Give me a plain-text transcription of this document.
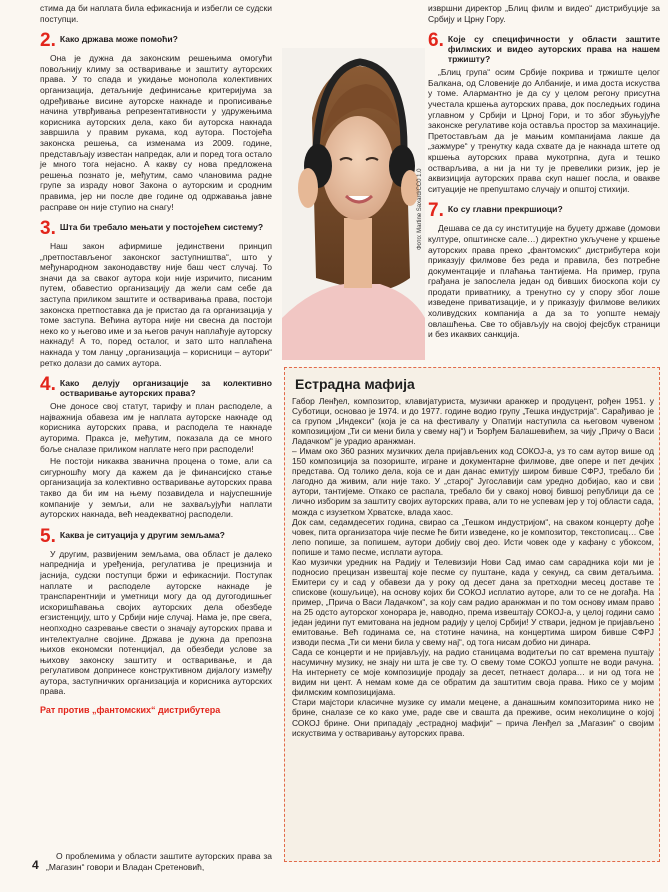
стима да би наплата била ефикаснија и избегли се судски поступци.

2. Како држава може помоћи?

Она је дужна да законским решењима омогући повољнију климу за остваривање и заштиту ауторских права. У то спада и укидање монопола колективних организација, детаљније дефинисање критеријума за одређивање висине ауторске накнаде и прописивање начина утврђивања репрезентативности у удружењима корисника ауторских дела, како би ауторска накнада завршила у правим рукама, код аутора. Постојећа законска решења, са изменама из 2009. године, представљају известан напредак, али и поред тога остало је много тога нејасно. А какву су нова предложена решења познато је, међутим, само члановима радне групе за израду новог Закона о ауторским и сродним правима, јер ни после две године од одржавања јавне расправе он није ступио на снагу!

3. Шта би требало мењати у постојећем систему?

Наш закон афирмише јединствени принцип „претпостављеног законског заступништва“, што у међународном законодавству није баш чест случај. То значи да за сваког аутора који није изричито, писаним путем, обавестио организацију да жели сам себе да заступа приликом заштите и остваривања права, постоји законска претпоставка да је пристао да га организација у томе заступа. Већина аутора није ни свесна да постоји неко ко у његово име и за његов рачун наплаћује ауторску накнаду! А то, поред осталог, и зато што наплаћена накнада у том ланцу „организација – корисници – аутори“ ретко долази до самих аутора.

4. Како делују организације за колективно остваривање ауторских права?

Оне доносе свој статут, тарифу и план расподеле, а најважнија обавеза им је наплата ауторске накнаде од корисника ауторских права, и расподела те накнаде ауторима. Пракса је, међутим, показала да се много боље сналазе приликом наплате него при расподели!

Не постоји никаква званична процена о томе, али са сигурношћу могу да кажем да је финансијско стање организација за колективно остваривање ауторских права такво да би им на њему позавидела и најуспешније компаније у земљи, али не захваљујући наплати ауторских накнада, већ неадекватној расподели.

5. Каква је ситуација у другим земљама?

У другим, развијеним земљама, ова област је далеко напреднија и уређенија, регулатива је прецизнија и јаснија, судски поступци бржи и ефикаснији. Поступак наплате и расподеле ауторске накнаде је транспарентнији и уметници могу да од дугогодишњег искоришћавања својих ауторских дела обезбеде егзистенцију, што у Србији није случај. Нама је, пре свега, неопходно сазревање свести о значају ауторских права и интелектуалне својине. Држава је дужна да препозна њихов економски потенцијал, да обезбеди услове за њихову законску заштиту и остваривање, и да регулативом допринесе конструктивном дијалогу између аутора, заступничких организација и корисника ауторских права.

Рат против „фантомских“ дистрибутера
4
О проблемима у области заштите ауторских права за „Магазин“ говори и Владан Сретеновић,
Фото: Martine Saxard/CC0 1.0

извршни директор „Блиц филм и видео“ дистрибуције за Србију и Црну Гору.

6. Које су специфичности у области заштите филмских и видео ауторских права на нашем тржишту?

„Блиц група“ осим Србије покрива и тржиште целог Балкана, од Словеније до Албаније, и има доста искуства у томе. Алармантно је да су у целом регону присутна учестала кршења ауторских права, док последњих година углавном у Србији и Црној Гори, и то због збуњујуће законске регулативе која оставља простор за махинације. Претостављам да је мањим компанијама лакше да „зажмуре“ у тренутку када схвате да је накнада штете од кршења ауторских права мукотрпна, дуга и тешко остварљива, а ни ја ни ту је превелики ризик, јер је аквизиција ауторских права скуп нашег посла, и овакве ситуације не препуштамо случају и општој стихији.

7. Ко су главни прекршиоци?

Дешава се да су институције на буџету државе (домови културе, општинске сале…) директно укључене у кршење ауторских права преко „фантомских“ дистрибутера који приказују филмове без реда и правила, без потребне документације и плаћања тантијема. На пример, група грађана је запослела један од бивших биоскопа који су продати приватнику, а тренутно су у спору због лоше изведене приватизације, и у приказују филмове великих холивудских компанија а да за то уопште немају овлашћења. Све то објављују на својој фејсбук страници и без икаквих санкција.

Естрадна мафија

Габор Ленђел, композитор, клавијатуриста, музички аранжер и продуцент, рођен 1951. у Суботици, основао је 1974. и до 1977. године водио групу „Тешка индустрија“. Сарађивао је са групом „Индекси“ (која је са на фестивалу у Опатији наступила са његовом чувеном композицијом „Ти си мени била у свему нај“) и Ђорђем Балашевићем, за чију „Причу о Васи Ладачком“ је урадио аранжман.

– Имам око 360 разних музичких дела пријављених код СОКОЈ-а, уз то сам аутор више од 150 композиција за позориште, игране и документарне филмове, две опере и пет дечјих представа. Од толико дела, која се и дан данас емитују широм бивше СФРЈ, требало би лагодно да живим, али није тако. У „старој“ Југославији сам уредно добијао, као и сви аутори, тантијеме. Откако се распала, требало би у свакој новој бившој републици да се лично изборим за заштиту својих ауторских права, али то не успевам јер у тој области сада, можда с изузетком Хрватске, влада хаос.

Док сам, седамдесетих година, свирао са „Тешком индустријом“, на сваком концерту дође човек, пита организатора чије песме ће бити изведене, ко је композитор, текстописац… Све лепо попише, за попишем, аутори добију свој део. Исти човек оде у кафану с убоксом, попише и тамо песме, исплати аутора.

Као музички уредник на Радију и Телевизији Нови Сад имао сам сарадника који ми је подносио прецизан извештај које песме су пуштане, када у секунд, са свим детаљима. Емитери су и сад у обавези да у року од десет дана за претходни месец доставе те спискове (кошуљице), на основу којих би СОКОЈ исплатио ауторе, али то се не догађа. На пример, „Прича о Васи Ладачком“, за коју сам радио аранжман и по том основу имам право на 25 одсто ауторског хонорара је, наводно, према извештају СОКОЈ-а, у целој години само један једини пут емитована на једном радију у целој Србији! У ствари, једном је пријављено емитовање. Већ годинама се, на стотине начина, на концертима широм бивше СФРЈ изводи песма „Ти си мени била у свему нај“, од тога нисам добио ни динара.

Сада се концерти и не пријављују, на радио станицама водитељи по сат времена пуштају насумичну музику, не знају ни шта је све ту. О свему томе СОКОЈ уопште не води рачуна. На интернету се моје композиције продају за десет, петнаест долара… и ни од тога не видим ни цент. А немам коме да се обратим да заштитим своја права. Нико се у мојим филмским композицијама.

Стари мајстори класичне музике су имали меценe, а данашњим композиторима нико не брине, сналазе се ко како уме, раде све и свашта да преживе, осим неколицине о којој СОКОЈ брине. Они припадају „естрадној мафији“ – прича Ленђел за „Магазин“ о својим искуствима у остваривању ауторских права.
